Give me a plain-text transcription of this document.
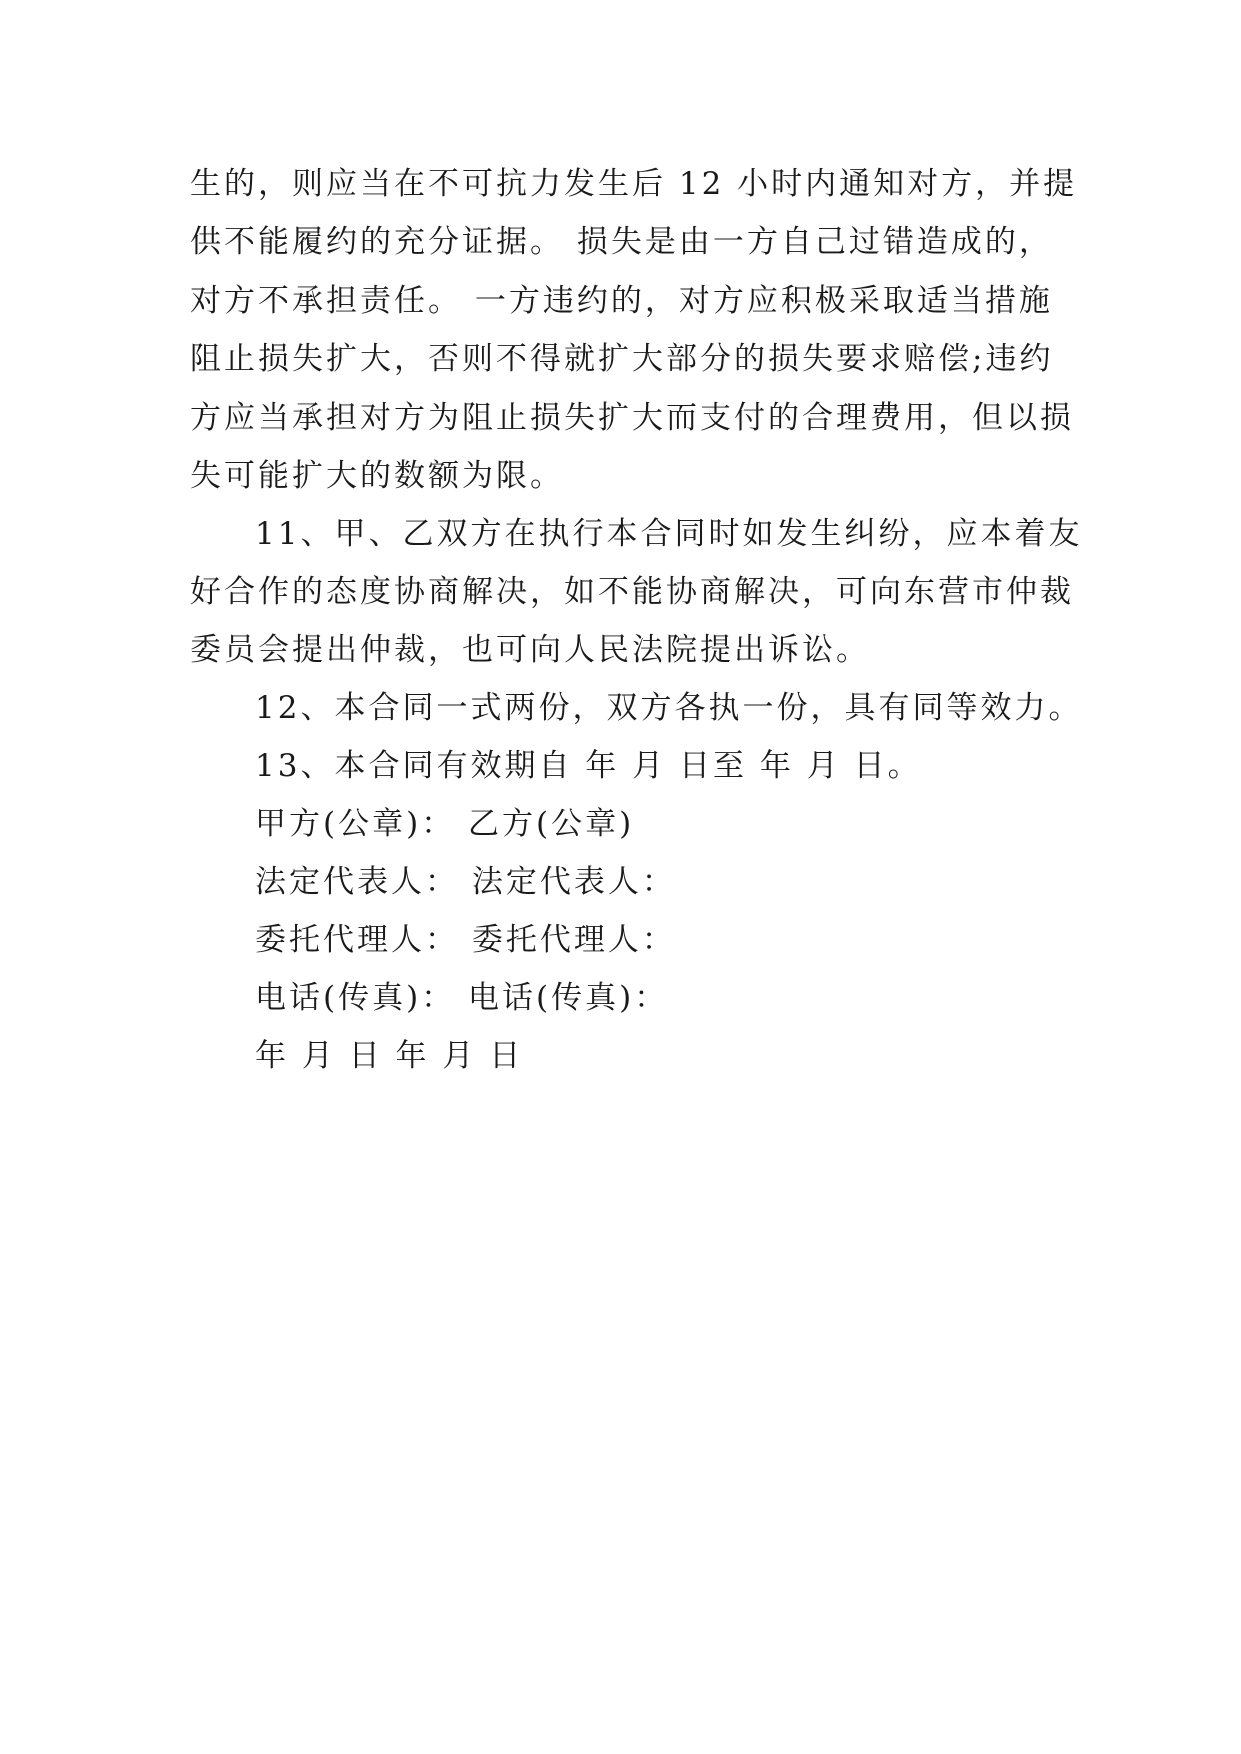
生的，则应当在不可抗力发生后 12 小时内通知对方，并提

供不能履约的充分证据。 损失是由一方自己过错造成的，

对方不承担责任。 一方违约的，对方应积极采取适当措施

阻止损失扩大，否则不得就扩大部分的损失要求赔偿;违约

方应当承担对方为阻止损失扩大而支付的合理费用，但以损

失可能扩大的数额为限。

11、甲、乙双方在执行本合同时如发生纠纷，应本着友

好合作的态度协商解决，如不能协商解决，可向东营市仲裁

委员会提出仲裁，也可向人民法院提出诉讼。

12、本合同一式两份，双方各执一份，具有同等效力。

13、本合同有效期自 年 月 日至 年 月 日。

甲方(公章)： 乙方(公章)

法定代表人： 法定代表人：

委托代理人： 委托代理人：

电话(传真)： 电话(传真)：

年 月 日 年 月 日
